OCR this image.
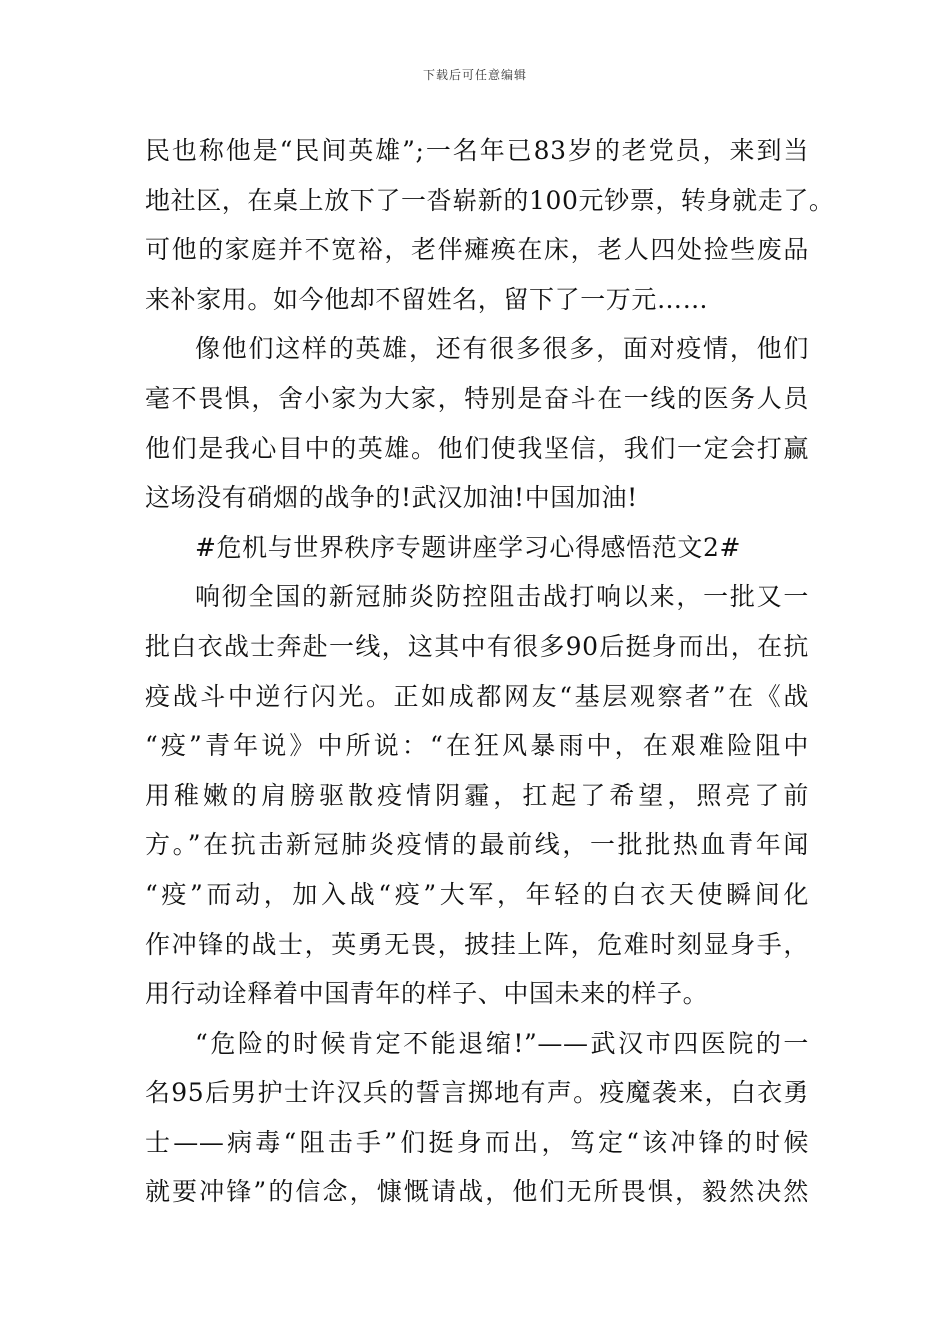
下载后可任意编辑
民也称他是“民间英雄”;一名年已83岁的老党员，来到当
地社区，在桌上放下了一沓崭新的100元钞票，转身就走了。
可他的家庭并不宽裕，老伴瘫痪在床，老人四处捡些废品
来补家用。如今他却不留姓名，留下了一万元……
像他们这样的英雄，还有很多很多，面对疫情，他们
毫不畏惧，舍小家为大家，特别是奋斗在一线的医务人员
他们是我心目中的英雄。他们使我坚信，我们一定会打赢
这场没有硝烟的战争的!武汉加油!中国加油!
#危机与世界秩序专题讲座学习心得感悟范文2#
响彻全国的新冠肺炎防控阻击战打响以来，一批又一
批白衣战士奔赴一线，这其中有很多90后挺身而出，在抗
疫战斗中逆行闪光。正如成都网友“基层观察者”在《战
“疫”青年说》中所说：“在狂风暴雨中，在艰难险阻中
用稚嫩的肩膀驱散疫情阴霾，扛起了希望，照亮了前
方。”在抗击新冠肺炎疫情的最前线，一批批热血青年闻
“疫”而动，加入战“疫”大军，年轻的白衣天使瞬间化
作冲锋的战士，英勇无畏，披挂上阵，危难时刻显身手，
用行动诠释着中国青年的样子、中国未来的样子。
“危险的时候肯定不能退缩!”——武汉市四医院的一
名95后男护士许汉兵的誓言掷地有声。疫魔袭来，白衣勇
士——病毒“阻击手”们挺身而出，笃定“该冲锋的时候
就要冲锋”的信念，慷慨请战，他们无所畏惧，毅然决然
